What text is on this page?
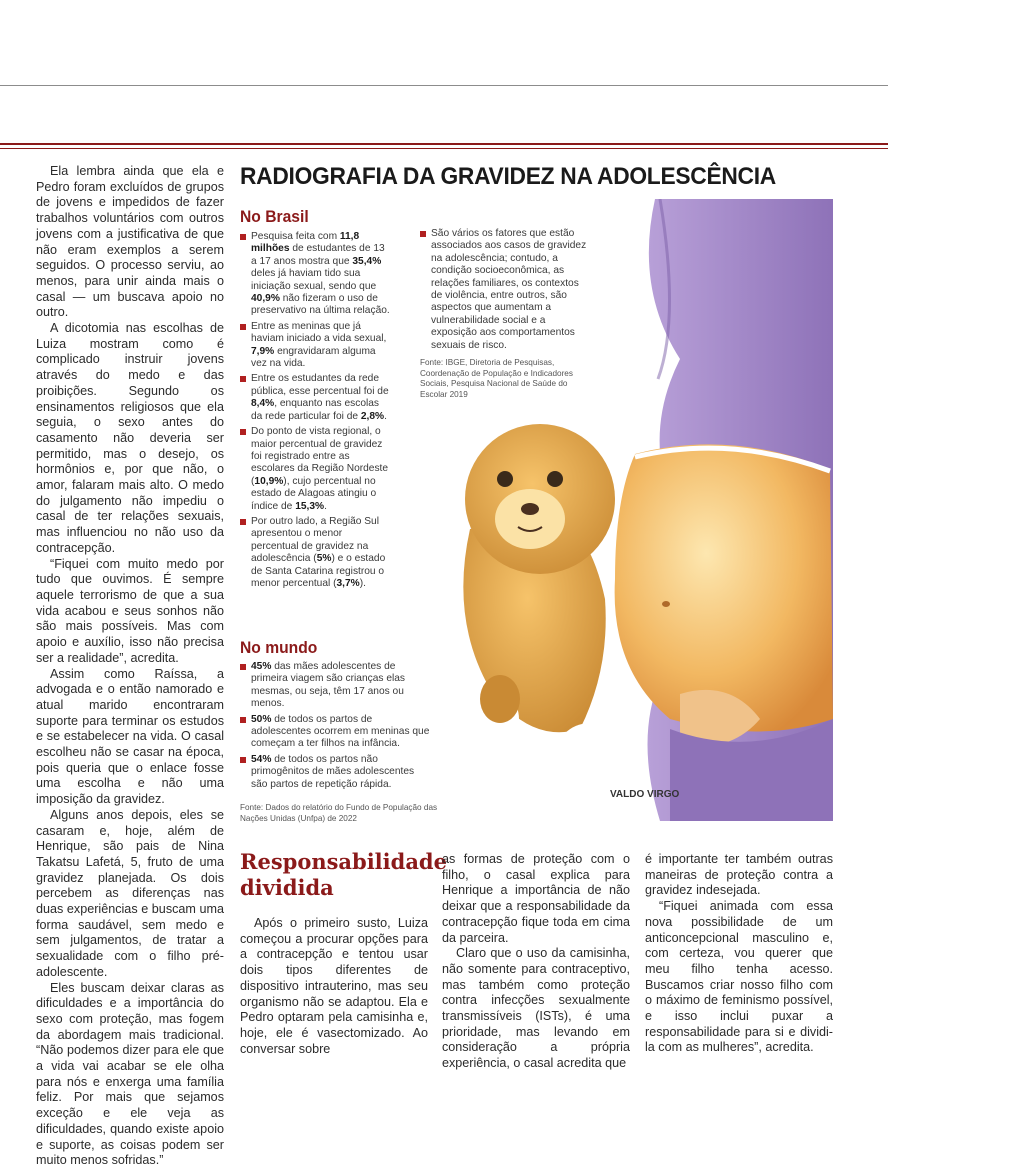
Ela lembra ainda que ela e Pedro foram excluídos de grupos de jovens e impedidos de fazer trabalhos voluntários com outros jovens com a justificativa de que não eram exemplos a serem seguidos. O processo serviu, ao menos, para unir ainda mais o casal — um buscava apoio no outro.

A dicotomia nas escolhas de Luiza mostram como é complicado instruir jovens através do medo e das proibições. Segundo os ensinamentos religiosos que ela seguia, o sexo antes do casamento não deveria ser permitido, mas o desejo, os hormônios e, por que não, o amor, falaram mais alto. O medo do julgamento não impediu o casal de ter relações sexuais, mas influenciou no não uso da contracepção.

“Fiquei com muito medo por tudo que ouvimos. É sempre aquele terrorismo de que a sua vida acabou e seus sonhos não são mais possíveis. Mas com apoio e auxílio, isso não precisa ser a realidade”, acredita.

Assim como Raíssa, a advogada e o então namorado e atual marido encontraram suporte para terminar os estudos e se estabelecer na vida. O casal escolheu não se casar na época, pois queria que o enlace fosse uma escolha e não uma imposição da gravidez.

Alguns anos depois, eles se casaram e, hoje, além de Henrique, são pais de Nina Takatsu Lafetá, 5, fruto de uma gravidez planejada. Os dois percebem as diferenças nas duas experiências e buscam uma forma saudável, sem medo e sem julgamentos, de tratar a sexualidade com o filho pré-adolescente.

Eles buscam deixar claras as dificuldades e a importância do sexo com proteção, mas fogem da abordagem mais tradicional. “Não podemos dizer para ele que a vida vai acabar se ele olha para nós e enxerga uma família feliz. Por mais que sejamos exceção e ele veja as dificuldades, quando existe apoio e suporte, as coisas podem ser muito menos sofridas.”

RADIOGRAFIA DA GRAVIDEZ NA ADOLESCÊNCIA
No Brasil
Pesquisa feita com 11,8 milhões de estudantes de 13 a 17 anos mostra que 35,4% deles já haviam tido sua iniciação sexual, sendo que 40,9% não fizeram o uso de preservativo na última relação.
Entre as meninas que já haviam iniciado a vida sexual, 7,9% engravidaram alguma vez na vida.
Entre os estudantes da rede pública, esse percentual foi de 8,4%, enquanto nas escolas da rede particular foi de 2,8%.
Do ponto de vista regional, o maior percentual de gravidez foi registrado entre as escolares da Região Nordeste (10,9%), cujo percentual no estado de Alagoas atingiu o índice de 15,3%.
Por outro lado, a Região Sul apresentou o menor percentual de gravidez na adolescência (5%) e o estado de Santa Catarina registrou o menor percentual (3,7%).
São vários os fatores que estão associados aos casos de gravidez na adolescência; contudo, a condição socioeconômica, as relações familiares, os contextos de violência, entre outros, são aspectos que aumentam a vulnerabilidade social e a exposição aos comportamentos sexuais de risco.
Fonte: IBGE, Diretoria de Pesquisas, Coordenação de População e Indicadores Sociais, Pesquisa Nacional de Saúde do Escolar 2019
No mundo
45% das mães adolescentes de primeira viagem são crianças elas mesmas, ou seja, têm 17 anos ou menos.
50% de todos os partos de adolescentes ocorrem em meninas que começam a ter filhos na infância.
54% de todos os partos não primogênitos de mães adolescentes são partos de repetição rápida.
Fonte: Dados do relatório do Fundo de População das Nações Unidas (Unfpa) de 2022
VALDO VIRGO
Responsabilidade dividida

Após o primeiro susto, Luiza começou a procurar opções para a contracepção e tentou usar dois tipos diferentes de dispositivo intrauterino, mas seu organismo não se adaptou. Ela e Pedro optaram pela camisinha e, hoje, ele é vasectomizado. Ao conversar sobre

as formas de proteção com o filho, o casal explica para Henrique a importância de não deixar que a responsabilidade da contracepção fique toda em cima da parceira.

Claro que o uso da camisinha, não somente para contraceptivo, mas também como proteção contra infecções sexualmente transmissíveis (ISTs), é uma prioridade, mas levando em consideração a própria experiência, o casal acredita que

é importante ter também outras maneiras de proteção contra a gravidez indesejada.

“Fiquei animada com essa nova possibilidade de um anticoncepcional masculino e, com certeza, vou querer que meu filho tenha acesso. Buscamos criar nosso filho com o máximo de feminismo possível, e isso inclui puxar a responsabilidade para si e dividi-la com as mulheres”, acredita.
